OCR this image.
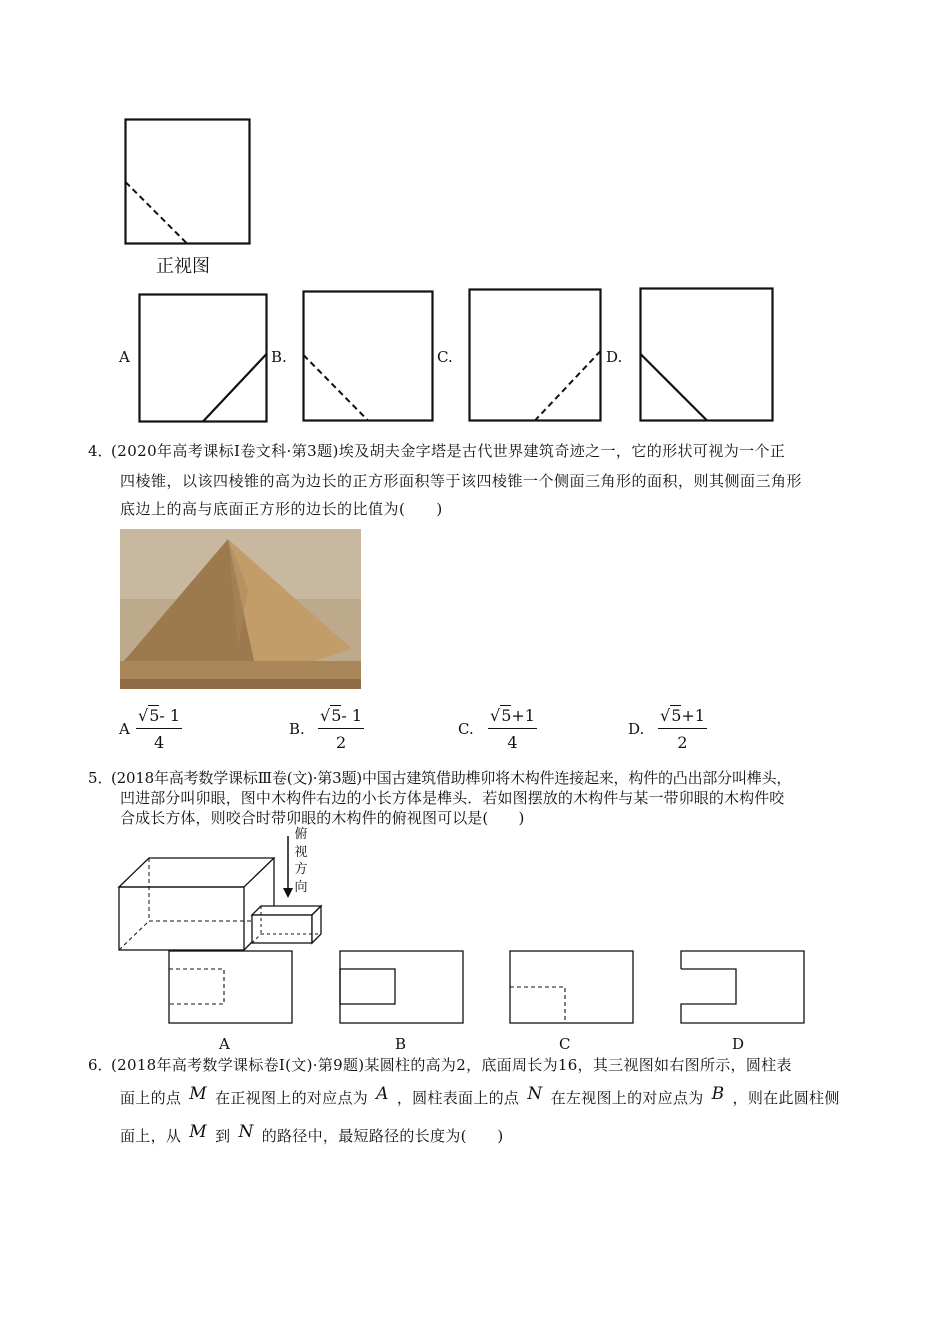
正视图
A	B.	C.	D.
4．
(2020年高考课标Ⅰ卷文科·第3题)埃及胡夫金字塔是古代世界建筑奇迹之一，它的形状可视为一个正
四棱锥，以该四棱锥的高为边长的正方形面积等于该四棱锥一个侧面三角形的面积，则其侧面三角形
底边上的高与底面正方形的边长的比值为(　　)
A $\frac{√5- 1}{4}$	B. $\frac{√5- 1}{2}$	C. $\frac{√5+1}{4}$	D. $\frac{√5+1}{2}$
5．
(2018年高考数学课标Ⅲ卷(文)·第3题)中国古建筑借助榫卯将木构件连接起来，构件的凸出部分叫榫头，
凹进部分叫卯眼，图中木构件右边的小长方体是榫头．若如图摆放的木构件与某一带卯眼的木构件咬
合成长方体，则咬合时带卯眼的木构件的俯视图可以是(　　)
俯
视
方
向
A	B	C	D
6．
(2018年高考数学课标卷Ⅰ(文)·第9题)某圆柱的高为2，底面周长为16，其三视图如右图所示，圆柱表
面上的点 M 在正视图上的对应点为 A ，圆柱表面上的点 N 在左视图上的对应点为 B ，则在此圆柱侧
面上，从 M 到 N 的路径中，最短路径的长度为(　　)
